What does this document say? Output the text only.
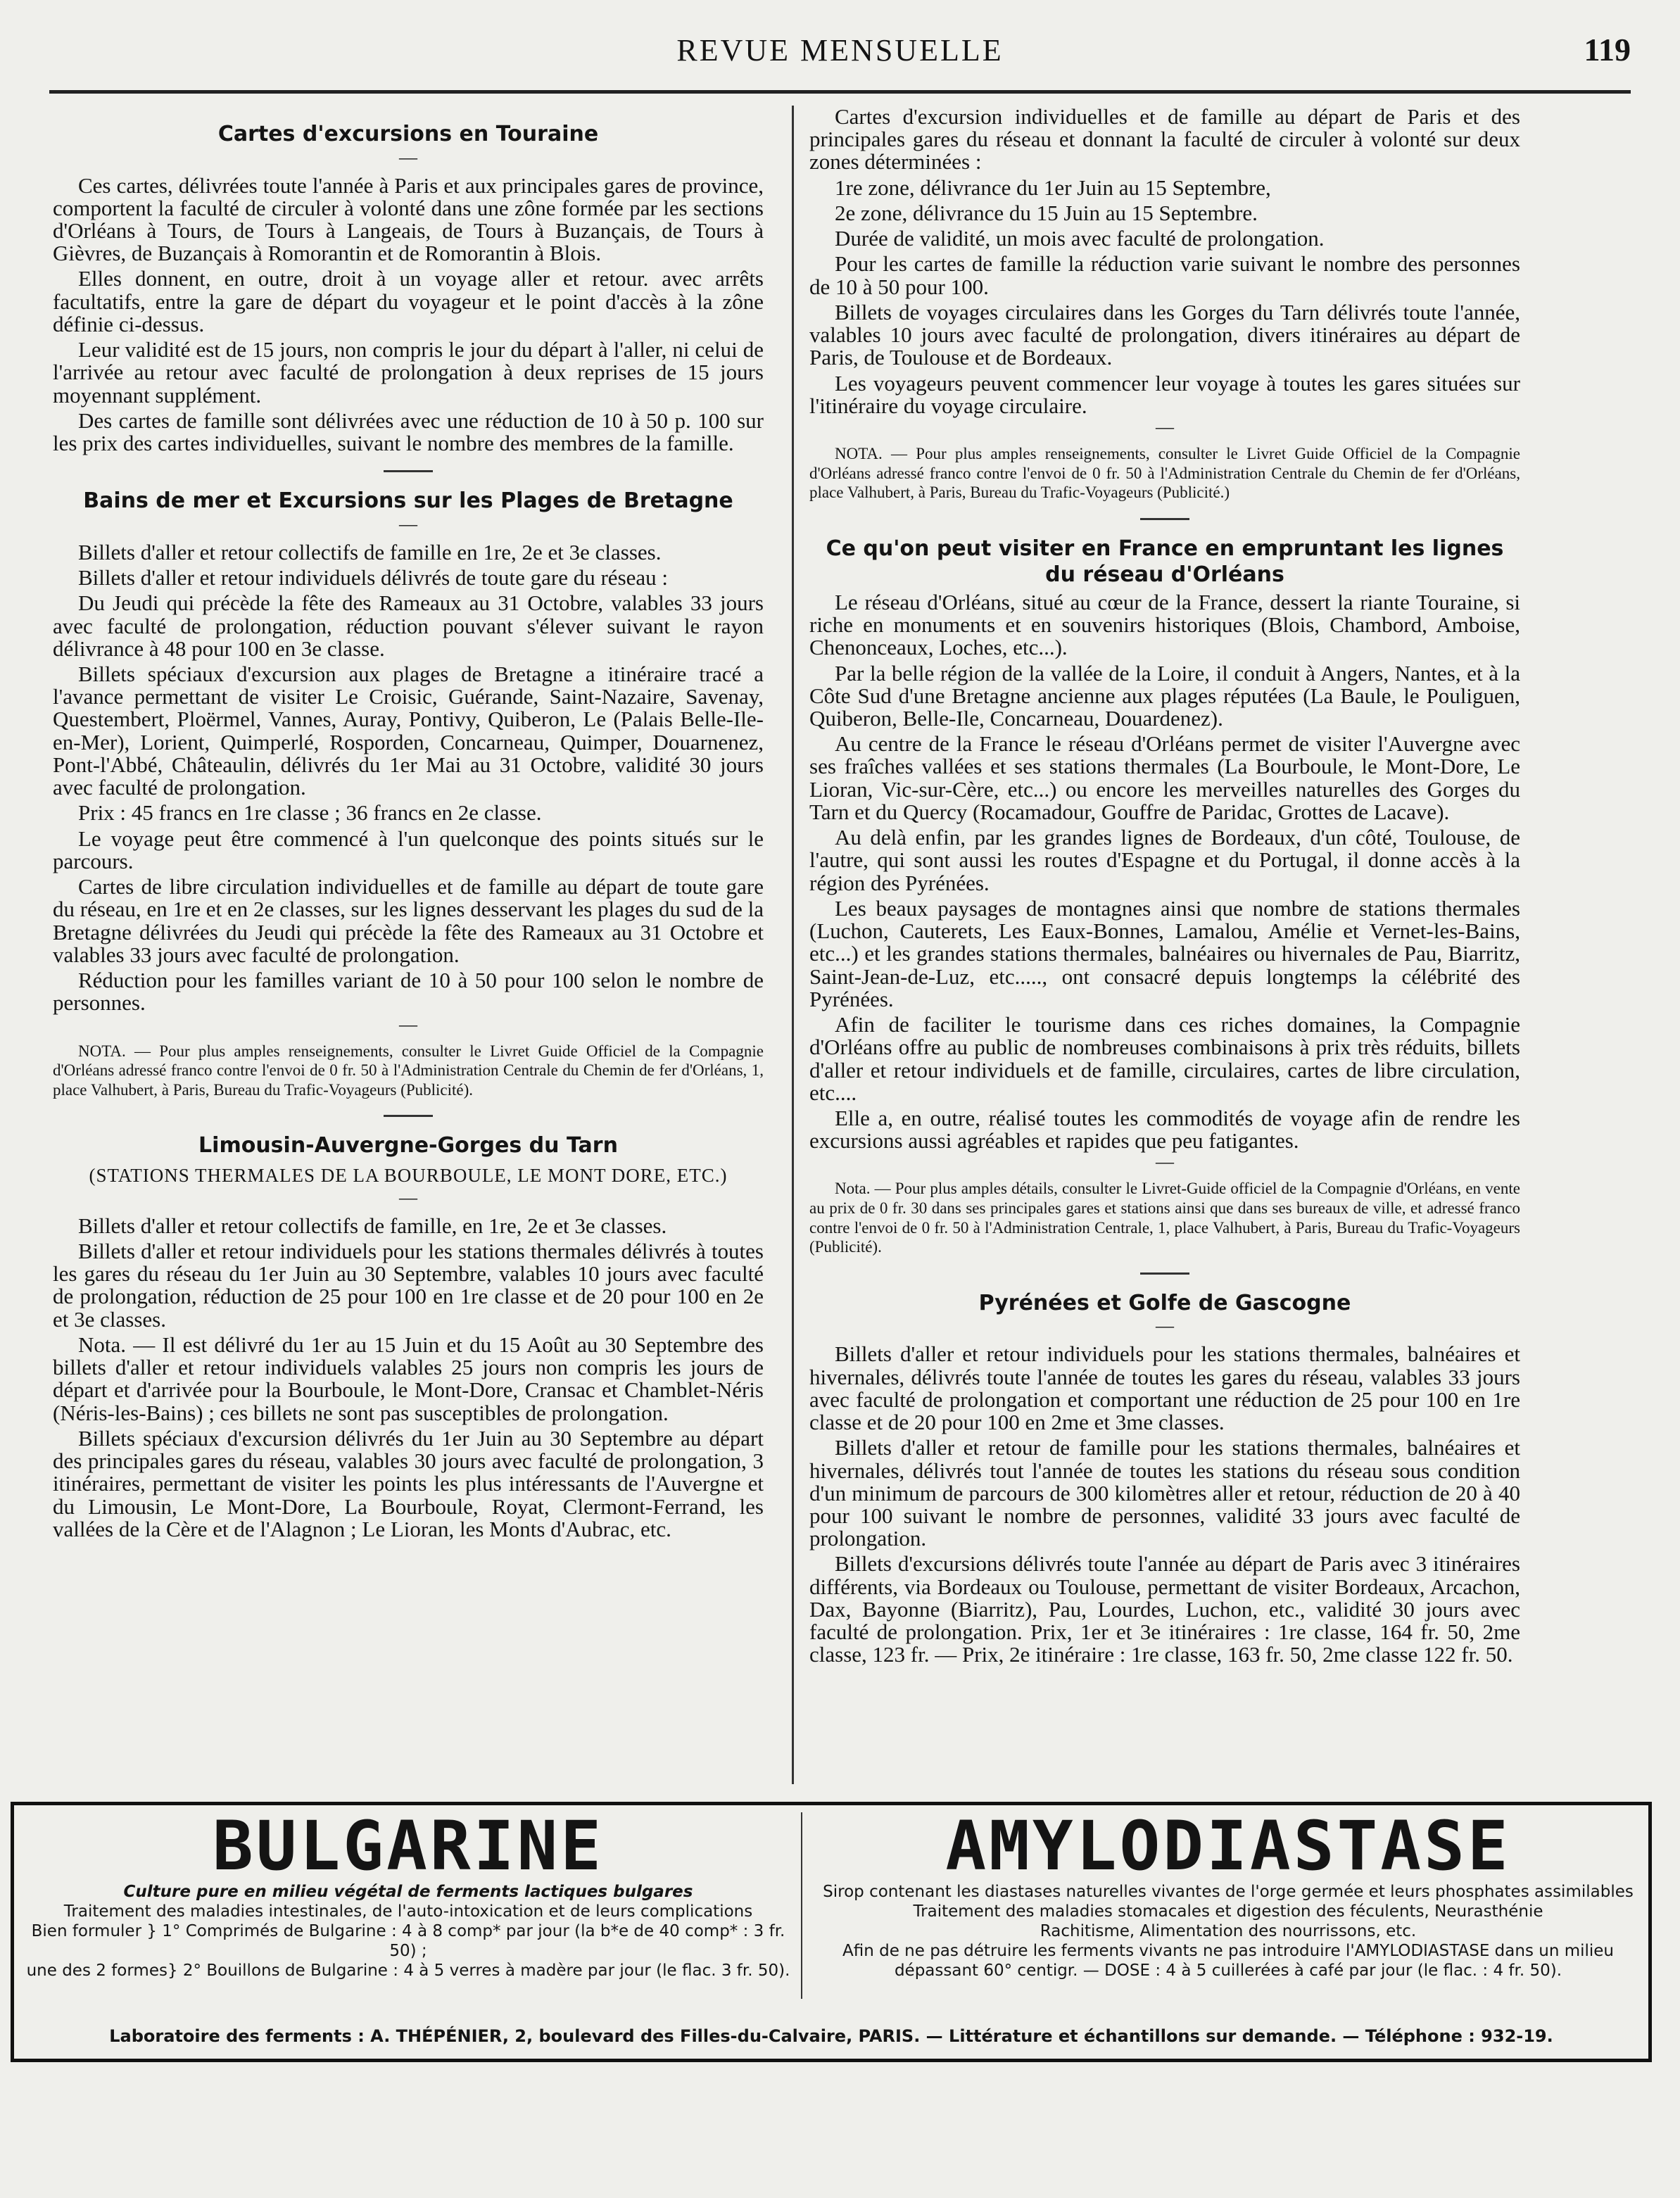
REVUE MENSUELLE	119
Cartes d'excursions en Touraine
—

Ces cartes, délivrées toute l'année à Paris et aux principales gares de province, comportent la faculté de circuler à volonté dans une zône formée par les sections d'Orléans à Tours, de Tours à Langeais, de Tours à Buzançais, de Tours à Gièvres, de Buzançais à Romorantin et de Romorantin à Blois.

Elles donnent, en outre, droit à un voyage aller et retour. avec arrêts facultatifs, entre la gare de départ du voyageur et le point d'accès à la zône définie ci-dessus.

Leur validité est de 15 jours, non compris le jour du départ à l'aller, ni celui de l'arrivée au retour avec faculté de prolongation à deux reprises de 15 jours moyennant supplément.

Des cartes de famille sont délivrées avec une réduction de 10 à 50 p. 100 sur les prix des cartes individuelles, suivant le nombre des membres de la famille.

Bains de mer et Excursions sur les Plages de Bretagne
—

Billets d'aller et retour collectifs de famille en 1re, 2e et 3e classes.

Billets d'aller et retour individuels délivrés de toute gare du réseau :

Du Jeudi qui précède la fête des Rameaux au 31 Octobre, valables 33 jours avec faculté de prolongation, réduction pouvant s'élever suivant le rayon délivrance à 48 pour 100 en 3e classe.

Billets spéciaux d'excursion aux plages de Bretagne a itinéraire tracé a l'avance permettant de visiter Le Croisic, Guérande, Saint-Nazaire, Savenay, Questembert, Ploërmel, Vannes, Auray, Pontivy, Quiberon, Le (Palais Belle-Ile-en-Mer), Lorient, Quimperlé, Rosporden, Concarneau, Quimper, Douarnenez, Pont-l'Abbé, Châteaulin, délivrés du 1er Mai au 31 Octobre, validité 30 jours avec faculté de prolongation.

Prix : 45 francs en 1re classe ; 36 francs en 2e classe.

Le voyage peut être commencé à l'un quelconque des points situés sur le parcours.

Cartes de libre circulation individuelles et de famille au départ de toute gare du réseau, en 1re et en 2e classes, sur les lignes desservant les plages du sud de la Bretagne délivrées du Jeudi qui précède la fête des Rameaux au 31 Octobre et valables 33 jours avec faculté de prolongation.

Réduction pour les familles variant de 10 à 50 pour 100 selon le nombre de personnes.

—

NOTA. — Pour plus amples renseignements, consulter le Livret Guide Officiel de la Compagnie d'Orléans adressé franco contre l'envoi de 0 fr. 50 à l'Administration Centrale du Chemin de fer d'Orléans, 1, place Valhubert, à Paris, Bureau du Trafic-Voyageurs (Publicité).

Limousin-Auvergne-Gorges du Tarn
(STATIONS THERMALES DE LA BOURBOULE, LE MONT DORE, ETC.)
—

Billets d'aller et retour collectifs de famille, en 1re, 2e et 3e classes.

Billets d'aller et retour individuels pour les stations thermales délivrés à toutes les gares du réseau du 1er Juin au 30 Septembre, valables 10 jours avec faculté de prolongation, réduction de 25 pour 100 en 1re classe et de 20 pour 100 en 2e et 3e classes.

Nota. — Il est délivré du 1er au 15 Juin et du 15 Août au 30 Septembre des billets d'aller et retour individuels valables 25 jours non compris les jours de départ et d'arrivée pour la Bourboule, le Mont-Dore, Cransac et Chamblet-Néris (Néris-les-Bains) ; ces billets ne sont pas susceptibles de prolongation.

Billets spéciaux d'excursion délivrés du 1er Juin au 30 Septembre au départ des principales gares du réseau, valables 30 jours avec faculté de prolongation, 3 itinéraires, permettant de visiter les points les plus intéressants de l'Auvergne et du Limousin, Le Mont-Dore, La Bourboule, Royat, Clermont-Ferrand, les vallées de la Cère et de l'Alagnon ; Le Lioran, les Monts d'Aubrac, etc.

Cartes d'excursion individuelles et de famille au départ de Paris et des principales gares du réseau et donnant la faculté de circuler à volonté sur deux zones déterminées :

1re zone, délivrance du 1er Juin au 15 Septembre,

2e zone, délivrance du 15 Juin au 15 Septembre.

Durée de validité, un mois avec faculté de prolongation.

Pour les cartes de famille la réduction varie suivant le nombre des personnes de 10 à 50 pour 100.

Billets de voyages circulaires dans les Gorges du Tarn délivrés toute l'année, valables 10 jours avec faculté de prolongation, divers itinéraires au départ de Paris, de Toulouse et de Bordeaux.

Les voyageurs peuvent commencer leur voyage à toutes les gares situées sur l'itinéraire du voyage circulaire.

—

NOTA. — Pour plus amples renseignements, consulter le Livret Guide Officiel de la Compagnie d'Orléans adressé franco contre l'envoi de 0 fr. 50 à l'Administration Centrale du Chemin de fer d'Orléans, place Valhubert, à Paris, Bureau du Trafic-Voyageurs (Publicité.)

Ce qu'on peut visiter en France en empruntant les lignes du réseau d'Orléans

Le réseau d'Orléans, situé au cœur de la France, dessert la riante Touraine, si riche en monuments et en souvenirs historiques (Blois, Chambord, Amboise, Chenonceaux, Loches, etc...).

Par la belle région de la vallée de la Loire, il conduit à Angers, Nantes, et à la Côte Sud d'une Bretagne ancienne aux plages réputées (La Baule, le Pouliguen, Quiberon, Belle-Ile, Concarneau, Douardenez).

Au centre de la France le réseau d'Orléans permet de visiter l'Auvergne avec ses fraîches vallées et ses stations thermales (La Bourboule, le Mont-Dore, Le Lioran, Vic-sur-Cère, etc...) ou encore les merveilles naturelles des Gorges du Tarn et du Quercy (Rocamadour, Gouffre de Paridac, Grottes de Lacave).

Au delà enfin, par les grandes lignes de Bordeaux, d'un côté, Toulouse, de l'autre, qui sont aussi les routes d'Espagne et du Portugal, il donne accès à la région des Pyrénées.

Les beaux paysages de montagnes ainsi que nombre de stations thermales (Luchon, Cauterets, Les Eaux-Bonnes, Lamalou, Amélie et Vernet-les-Bains, etc...) et les grandes stations thermales, balnéaires ou hivernales de Pau, Biarritz, Saint-Jean-de-Luz, etc....., ont consacré depuis longtemps la célébrité des Pyrénées.

Afin de faciliter le tourisme dans ces riches domaines, la Compagnie d'Orléans offre au public de nombreuses combinaisons à prix très réduits, billets d'aller et retour individuels et de famille, circulaires, cartes de libre circulation, etc....

Elle a, en outre, réalisé toutes les commodités de voyage afin de rendre les excursions aussi agréables et rapides que peu fatigantes.

—

Nota. — Pour plus amples détails, consulter le Livret-Guide officiel de la Compagnie d'Orléans, en vente au prix de 0 fr. 30 dans ses principales gares et stations ainsi que dans ses bureaux de ville, et adressé franco contre l'envoi de 0 fr. 50 à l'Administration Centrale, 1, place Valhubert, à Paris, Bureau du Trafic-Voyageurs (Publicité).

Pyrénées et Golfe de Gascogne
—

Billets d'aller et retour individuels pour les stations thermales, balnéaires et hivernales, délivrés toute l'année de toutes les gares du réseau, valables 33 jours avec faculté de prolongation et comportant une réduction de 25 pour 100 en 1re classe et de 20 pour 100 en 2me et 3me classes.

Billets d'aller et retour de famille pour les stations thermales, balnéaires et hivernales, délivrés tout l'année de toutes les stations du réseau sous condition d'un minimum de parcours de 300 kilomètres aller et retour, réduction de 20 à 40 pour 100 suivant le nombre de personnes, validité 33 jours avec faculté de prolongation.

Billets d'excursions délivrés toute l'année au départ de Paris avec 3 itinéraires différents, via Bordeaux ou Toulouse, permettant de visiter Bordeaux, Arcachon, Dax, Bayonne (Biarritz), Pau, Lourdes, Luchon, etc., validité 30 jours avec faculté de prolongation. Prix, 1er et 3e itinéraires : 1re classe, 164 fr. 50, 2me classe, 123 fr. — Prix, 2e itinéraire : 1re classe, 163 fr. 50, 2me classe 122 fr. 50.

BULGARINE
Culture pure en milieu végétal de ferments lactiques bulgares
Traitement des maladies intestinales, de l'auto-intoxication et de leurs complications
Bien formuler } 1° Comprimés de Bulgarine : 4 à 8 comp* par jour (la b*e de 40 comp* : 3 fr. 50) ;
une des 2 formes} 2° Bouillons de Bulgarine : 4 à 5 verres à madère par jour (le flac. 3 fr. 50).
AMYLODIASTASE
Sirop contenant les diastases naturelles vivantes de l'orge germée et leurs phosphates assimilables
Traitement des maladies stomacales et digestion des féculents, Neurasthénie
Rachitisme, Alimentation des nourrissons, etc.
Afin de ne pas détruire les ferments vivants ne pas introduire l'AMYLODIASTASE dans un milieu
dépassant 60° centigr. — DOSE : 4 à 5 cuillerées à café par jour (le flac. : 4 fr. 50).
Laboratoire des ferments : A. THÉPÉNIER, 2, boulevard des Filles-du-Calvaire, PARIS. — Littérature et échantillons sur demande. — Téléphone : 932-19.
